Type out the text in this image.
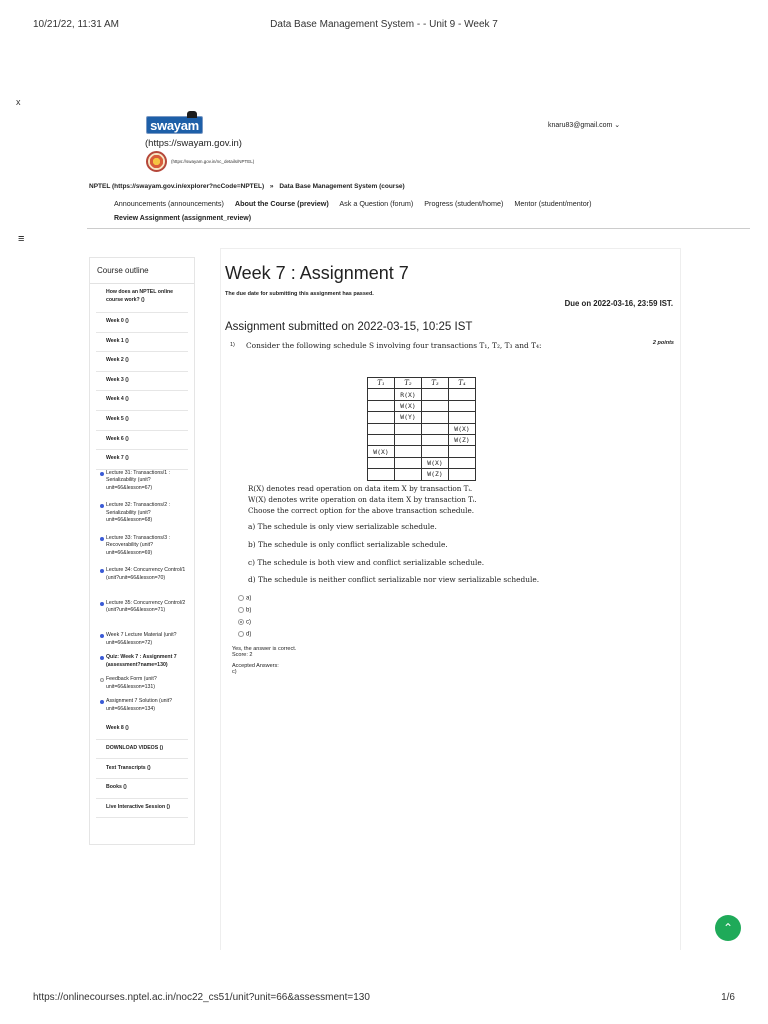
10/21/22, 11:31 AM	Data Base Management System - - Unit 9 - Week 7
x
swayam
(https://swayam.gov.in)
(https://swayam.gov.in/nc_details/NPTEL)
knaru83@gmail.com ⌄
NPTEL (https://swayam.gov.in/explorer?ncCode=NPTEL) » Data Base Management System (course)
Announcements (announcements) About the Course (preview) Ask a Question (forum) Progress (student/home) Mentor (student/mentor)
Review Assignment (assignment_review)
≡
Course outline
How does an NPTEL online course work? ()
Week 0 ()
Week 1 ()
Week 2 ()
Week 3 ()
Week 4 ()
Week 5 ()
Week 6 ()
Week 7 ()
Lecture 31: Transactions/1 : Serializability (unit?unit=66&lesson=67)
Lecture 32: Transactions/2 : Serializability (unit?unit=66&lesson=68)
Lecture 33: Transactions/3 : Recoverability (unit?unit=66&lesson=69)
Lecture 34: Concurrency Control/1 (unit?unit=66&lesson=70)
Lecture 35: Concurrency Control/2 (unit?unit=66&lesson=71)
Week 7 Lecture Material (unit?unit=66&lesson=72)
Quiz: Week 7 : Assignment 7 (assessment?name=130)
Feedback Form (unit?unit=66&lesson=131)
Assignment 7 Solution (unit?unit=66&lesson=134)
Week 8 ()
DOWNLOAD VIDEOS ()
Text Transcripts ()
Books ()
Live Interactive Session ()
Week 7 : Assignment 7
The due date for submitting this assignment has passed.
Due on 2022-03-16, 23:59 IST.
Assignment submitted on 2022-03-15, 10:25 IST
1) Consider the following schedule S involving four transactions T₁, T₂, T₃ and T₄:	2 points
T₁	T₂	T₃	T₄
	R(X)		
	W(X)		
	W(Y)		
			W(X)
			W(Z)
W(X)			
		W(X)	
		W(Z)	
R(X) denotes read operation on data item X by transaction Tᵢ.
W(X) denotes write operation on data item X by transaction Tᵢ.
Choose the correct option for the above transaction schedule.
a) The schedule is only view serializable schedule.
b) The schedule is only conflict serializable schedule.
c) The schedule is both view and conflict serializable schedule.
d) The schedule is neither conflict serializable nor view serializable schedule.
a)
b)
c)
d)
Yes, the answer is correct.
Score: 2
Accepted Answers:
c)
⌃
https://onlinecourses.nptel.ac.in/noc22_cs51/unit?unit=66&assessment=130	1/6
